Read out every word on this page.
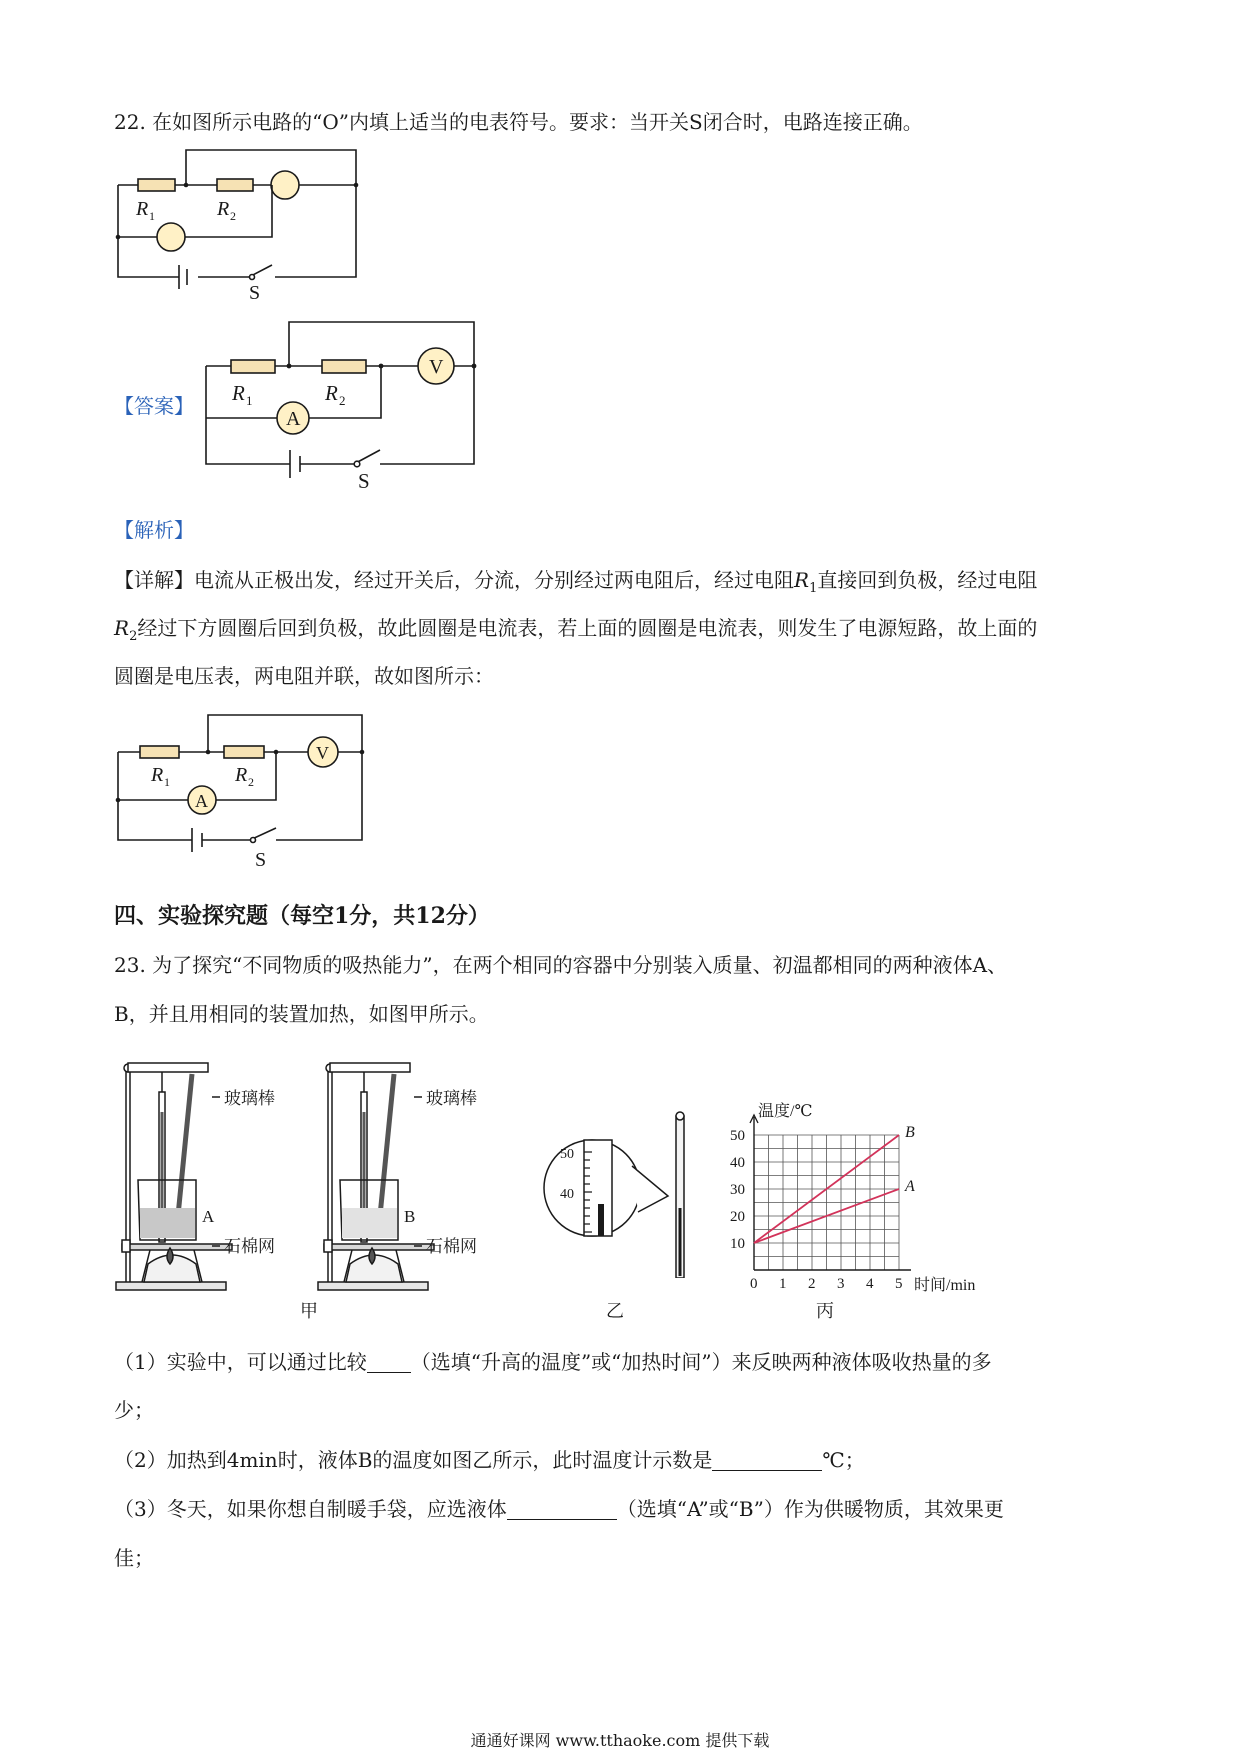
22. 在如图所示电路的“O”内填上适当的电表符号。要求：当开关S闭合时，电路连接正确。
R 1	R 2
S
【答案】
V
A
R 1	R 2
S
【解析】
【详解】电流从正极出发，经过开关后，分流，分别经过两电阻后，经过电阻$R_1$直接回到负极，经过电阻
$R_2$经过下方圆圈后回到负极，故此圆圈是电流表，若上面的圆圈是电流表，则发生了电源短路，故上面的
圆圈是电压表，两电阻并联，故如图所示：
V
A
R 1	R 2
S
四、实验探究题（每空1分，共12分）
23. 为了探究“不同物质的吸热能力”，在两个相同的容器中分别装入质量、初温都相同的两种液体A、
B，并且用相同的装置加热，如图甲所示。
玻璃棒
A
石棉网
玻璃棒
B
石棉网
甲
50
40
乙
B
A
0 1 2 3 4 5
10
20
30
40
50
温度/℃
时间/min
丙
（1）实验中，可以通过比较 （选填“升高的温度”或“加热时间”）来反映两种液体吸收热量的多
少；
（2）加热到4min时，液体B的温度如图乙所示，此时温度计示数是	℃；
（3）冬天，如果你想自制暖手袋，应选液体	（选填“A”或“B”）作为供暖物质，其效果更
佳；
通通好课网 www.tthaoke.com 提供下载
